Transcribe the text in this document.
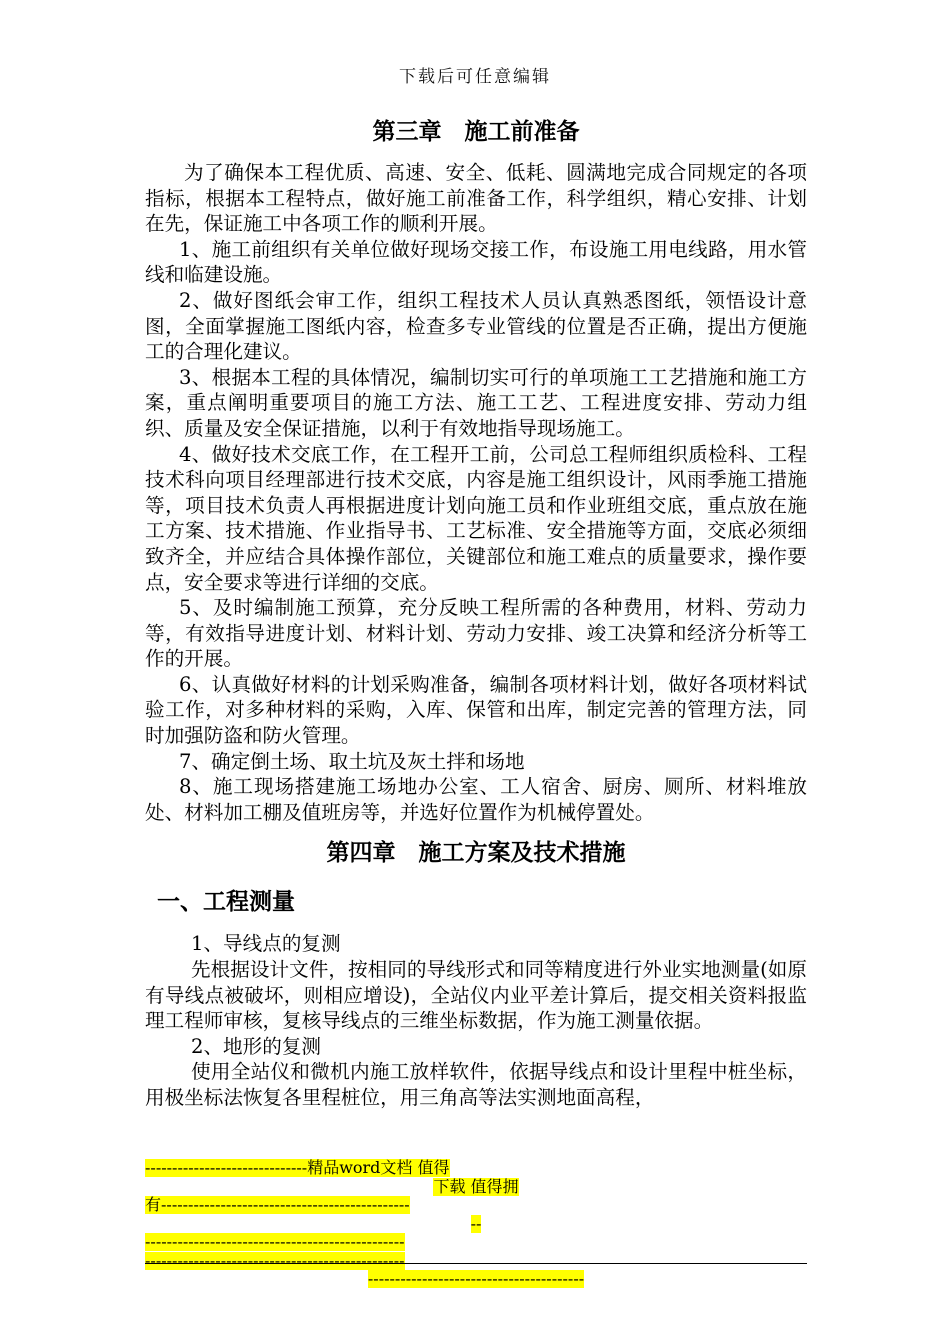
下载后可任意编辑
第三章　施工前准备

为了确保本工程优质、高速、安全、低耗、圆满地完成合同规定的各项指标，根据本工程特点，做好施工前准备工作，科学组织，精心安排、计划在先，保证施工中各项工作的顺利开展。

1、施工前组织有关单位做好现场交接工作，布设施工用电线路，用水管线和临建设施。

2、做好图纸会审工作，组织工程技术人员认真熟悉图纸，领悟设计意图，全面掌握施工图纸内容，检查多专业管线的位置是否正确，提出方便施工的合理化建议。

3、根据本工程的具体情况，编制切实可行的单项施工工艺措施和施工方案，重点阐明重要项目的施工方法、施工工艺、工程进度安排、劳动力组织、质量及安全保证措施，以利于有效地指导现场施工。

4、做好技术交底工作，在工程开工前，公司总工程师组织质检科、工程技术科向项目经理部进行技术交底，内容是施工组织设计，风雨季施工措施等，项目技术负责人再根据进度计划向施工员和作业班组交底，重点放在施工方案、技术措施、作业指导书、工艺标准、安全措施等方面，交底必须细致齐全，并应结合具体操作部位，关键部位和施工难点的质量要求，操作要点，安全要求等进行详细的交底。

5、及时编制施工预算，充分反映工程所需的各种费用，材料、劳动力等，有效指导进度计划、材料计划、劳动力安排、竣工决算和经济分析等工作的开展。

6、认真做好材料的计划采购准备，编制各项材料计划，做好各项材料试验工作，对多种材料的采购，入库、保管和出库，制定完善的管理方法，同时加强防盗和防火管理。

7、确定倒土场、取土坑及灰土拌和场地

8、施工现场搭建施工场地办公室、工人宿舍、厨房、厕所、材料堆放处、材料加工棚及值班房等，并选好位置作为机械停置处。

第四章　施工方案及技术措施
一、工程测量

1、导线点的复测

先根据设计文件，按相同的导线形式和同等精度进行外业实地测量(如原有导线点被破坏，则相应增设)，全站仪内业平差计算后，提交相关资料报监理工程师审核，复核导线点的三维坐标数据，作为施工测量依据。

2、地形的复测

使用全站仪和微机内施工放样软件，依据导线点和设计里程中桩坐标，用极坐标法恢复各里程桩位，用三角高等法实测地面高程，

------------------------------精品word文档 值得
下载 值得拥
有----------------------------------------------
--
------------------------------------------------
------------------------------------------------
----------------------------------------
